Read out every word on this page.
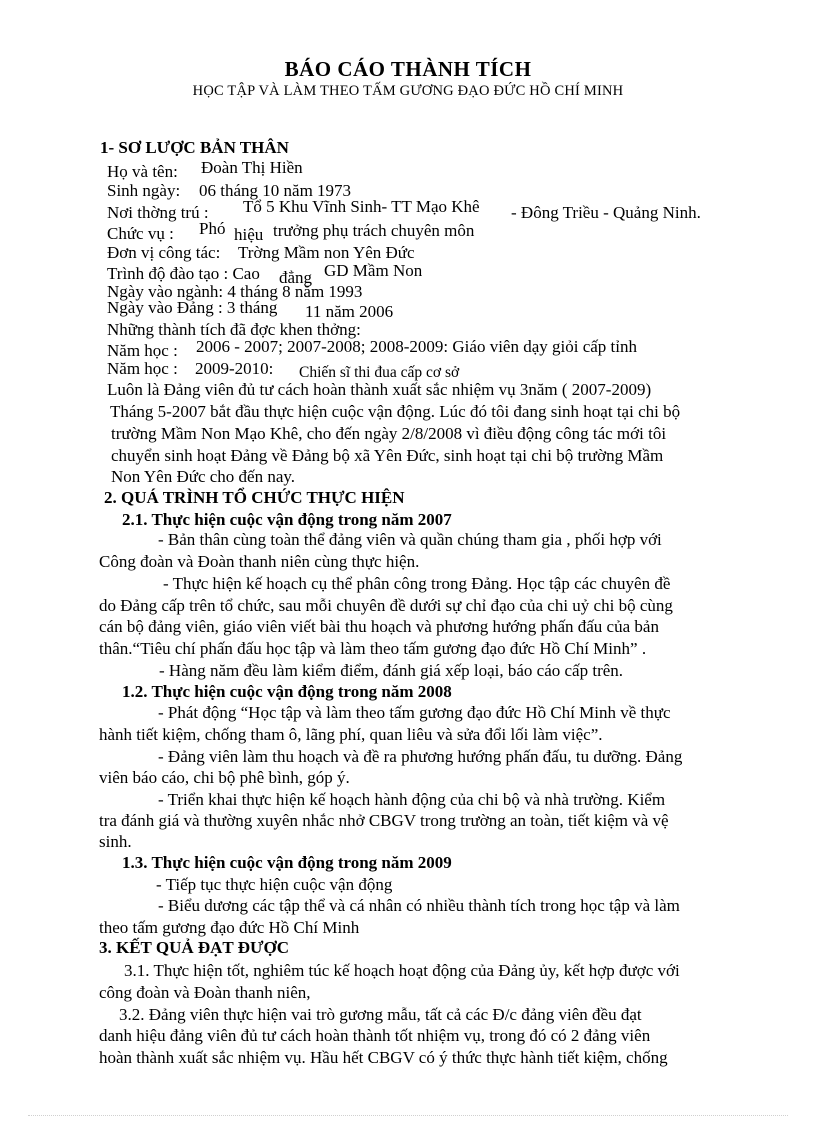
BÁO CÁO THÀNH TÍCH
HỌC TẬP VÀ LÀM THEO TẤM GƯƠNG ĐẠO ĐỨC HỒ CHÍ MINH
1- SƠ LƯỢC BẢN THÂN
Họ và tên: Đoàn Thị Hiền
Sinh ngày: 06 tháng 10 năm 1973
Nơi thờng trú : Tổ 5 Khu Vĩnh Sinh- TT Mạo Khê - Đông Triều - Quảng Ninh.
Chức vụ : Phó hiệu trưởng phụ trách chuyên môn
Đơn vị công tác: Trờng Mầm non Yên Đức
Trình độ đào tạo : Cao đẳng GD Mầm Non
Ngày vào ngành: 4 tháng 8 năm 1993
Ngày vào Đảng : 3 tháng 11 năm 2006
Những thành tích đã đợc khen thởng:
Năm học : 2006 - 2007; 2007-2008; 2008-2009: Giáo viên dạy giỏi cấp tỉnh
Năm học : 2009-2010: Chiến sĩ thi đua cấp cơ sở
Luôn là Đảng viên đủ tư cách hoàn thành xuất sắc nhiệm vụ 3năm ( 2007-2009)
Tháng 5-2007 bắt đầu thực hiện cuộc vận động. Lúc đó tôi đang sinh hoạt tại chi bộ
trường Mầm Non Mạo Khê, cho đến ngày 2/8/2008 vì điều động công tác mới tôi
chuyển sinh hoạt Đảng về Đảng bộ xã Yên Đức, sinh hoạt tại chi bộ trường Mầm
Non Yên Đức cho đến nay.
2. QUÁ TRÌNH TỔ CHỨC THỰC HIỆN
2.1. Thực hiện cuộc vận động trong năm 2007
- Bản thân cùng toàn thể đảng viên và quần chúng tham gia , phối hợp với
Công đoàn và Đoàn thanh niên cùng thực hiện.
- Thực hiện kế hoạch cụ thể phân công trong Đảng. Học tập các chuyên đề
do Đảng cấp trên tổ chức, sau mỗi chuyên đề dưới sự chỉ đạo của chi uỷ chi bộ cùng
cán bộ đảng viên, giáo viên viết bài thu hoạch và phương hướng phấn đấu của bản
thân.“Tiêu chí phấn đấu học tập và làm theo tấm gương đạo đức Hồ Chí Minh” .
- Hàng năm đều làm kiểm điểm, đánh giá xếp loại, báo cáo cấp trên.
1.2. Thực hiện cuộc vận động trong năm 2008
- Phát động “Học tập và làm theo tấm gương đạo đức Hồ Chí Minh về thực
hành tiết kiệm, chống tham ô, lãng phí, quan liêu và sửa đổi lối làm việc”.
- Đảng viên làm thu hoạch và đề ra phương hướng phấn đấu, tu dưỡng. Đảng
viên báo cáo, chi bộ phê bình, góp ý.
- Triển khai thực hiện kế hoạch hành động của chi bộ và nhà trường. Kiểm
tra đánh giá và thường xuyên nhắc nhở CBGV trong trường an toàn, tiết kiệm và vệ
sinh.
1.3. Thực hiện cuộc vận động trong năm 2009
- Tiếp tục thực hiện cuộc vận động
- Biểu dương các tập thể và cá nhân có nhiều thành tích trong học tập và làm
theo tấm gương đạo đức Hồ Chí Minh
3. KẾT QUẢ ĐẠT ĐƯỢC
3.1. Thực hiện tốt, nghiêm túc kế hoạch hoạt động của Đảng ủy, kết hợp được với
công đoàn và Đoàn thanh niên,
3.2. Đảng viên thực hiện vai trò gương mẫu, tất cả các Đ/c đảng viên đều đạt
danh hiệu đảng viên đủ tư cách hoàn thành tốt nhiệm vụ, trong đó có 2 đảng viên
hoàn thành xuất sắc nhiệm vụ. Hầu hết CBGV có ý thức thực hành tiết kiệm, chống
